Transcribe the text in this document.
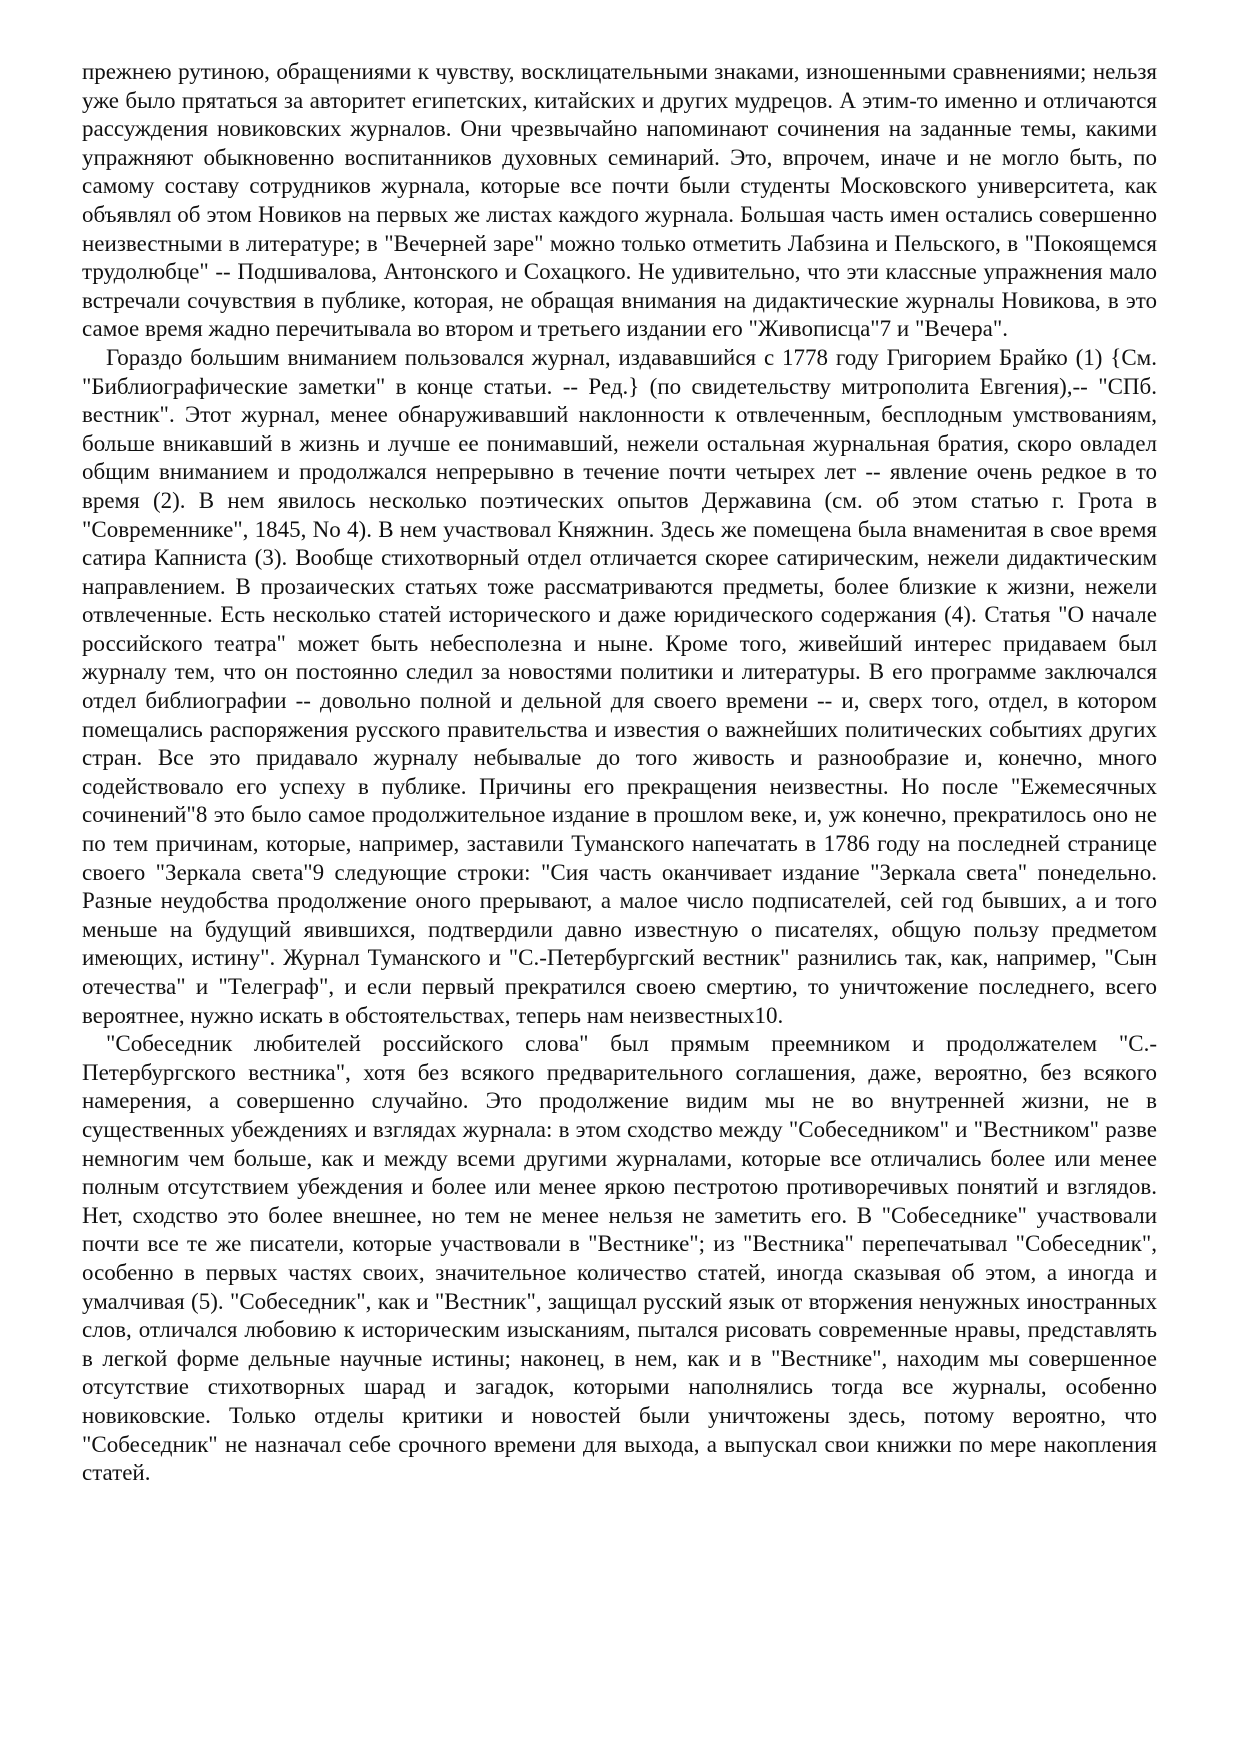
прежнею рутиною, обращениями к чувству, восклицательными знаками, изношенными сравнениями; нельзя уже было прятаться за авторитет египетских, китайских и других мудрецов. А этим-то именно и отличаются рассуждения новиковских журналов. Они чрезвычайно напоминают сочинения на заданные темы, какими упражняют обыкновенно воспитанников духовных семинарий. Это, впрочем, иначе и не могло быть, по самому составу сотрудников журнала, которые все почти были студенты Московского университета, как объявлял об этом Новиков на первых же листах каждого журнала. Большая часть имен остались совершенно неизвестными в литературе; в "Вечерней заре" можно только отметить Лабзина и Пельского, в "Покоящемся трудолюбце" -- Подшивалова, Антонского и Сохацкого. Не удивительно, что эти классные упражнения мало встречали сочувствия в публике, которая, не обращая внимания на дидактические журналы Новикова, в это самое время жадно перечитывала во втором и третьего издании его "Живописца"7 и "Вечера".

Гораздо большим вниманием пользовался журнал, издававшийся с 1778 году Григорием Брайко (1) {См. "Библиографические заметки" в конце статьи. -- Ред.} (по свидетельству митрополита Евгения),-- "СПб. вестник". Этот журнал, менее обнаруживавший наклонности к отвлеченным, бесплодным умствованиям, больше вникавший в жизнь и лучше ее понимавший, нежели остальная журнальная братия, скоро овладел общим вниманием и продолжался непрерывно в течение почти четырех лет -- явление очень редкое в то время (2). В нем явилось несколько поэтических опытов Державина (см. об этом статью г. Грота в "Современнике", 1845, No 4). В нем участвовал Княжнин. Здесь же помещена была внаменитая в свое время сатира Капниста (3). Вообще стихотворный отдел отличается скорее сатирическим, нежели дидактическим направлением. В прозаических статьях тоже рассматриваются предметы, более близкие к жизни, нежели отвлеченные. Есть несколько статей исторического и даже юридического содержания (4). Статья "О начале российского театра" может быть небесполезна и ныне. Кроме того, живейший интерес придаваем был журналу тем, что он постоянно следил за новостями политики и литературы. В его программе заключался отдел библиографии -- довольно полной и дельной для своего времени -- и, сверх того, отдел, в котором помещались распоряжения русского правительства и известия о важнейших политических событиях других стран. Все это придавало журналу небывалые до того живость и разнообразие и, конечно, много содействовало его успеху в публике. Причины его прекращения неизвестны. Но после "Ежемесячных сочинений"8 это было самое продолжительное издание в прошлом веке, и, уж конечно, прекратилось оно не по тем причинам, которые, например, заставили Туманского напечатать в 1786 году на последней странице своего "Зеркала света"9 следующие строки: "Сия часть оканчивает издание "Зеркала света" понедельно. Разные неудобства продолжение оного прерывают, а малое число подписателей, сей год бывших, а и того меньше на будущий явившихся, подтвердили давно известную о писателях, общую пользу предметом имеющих, истину". Журнал Туманского и "С.-Петербургский вестник" разнились так, как, например, "Сын отечества" и "Телеграф", и если первый прекратился своею смертию, то уничтожение последнего, всего вероятнее, нужно искать в обстоятельствах, теперь нам неизвестных10.

"Собеседник любителей российского слова" был прямым преемником и продолжателем "С.-Петербургского вестника", хотя без всякого предварительного соглашения, даже, вероятно, без всякого намерения, а совершенно случайно. Это продолжение видим мы не во внутренней жизни, не в существенных убеждениях и взглядах журнала: в этом сходство между "Собеседником" и "Вестником" разве немногим чем больше, как и между всеми другими журналами, которые все отличались более или менее полным отсутствием убеждения и более или менее яркою пестротою противоречивых понятий и взглядов. Нет, сходство это более внешнее, но тем не менее нельзя не заметить его. В "Собеседнике" участвовали почти все те же писатели, которые участвовали в "Вестнике"; из "Вестника" перепечатывал "Собеседник", особенно в первых частях своих, значительное количество статей, иногда сказывая об этом, а иногда и умалчивая (5). "Собеседник", как и "Вестник", защищал русский язык от вторжения ненужных иностранных слов, отличался любовию к историческим изысканиям, пытался рисовать современные нравы, представлять в легкой форме дельные научные истины; наконец, в нем, как и в "Вестнике", находим мы совершенное отсутствие стихотворных шарад и загадок, которыми наполнялись тогда все журналы, особенно новиковские. Только отделы критики и новостей были уничтожены здесь, потому вероятно, что "Собеседник" не назначал себе срочного времени для выхода, а выпускал свои книжки по мере накопления статей.
